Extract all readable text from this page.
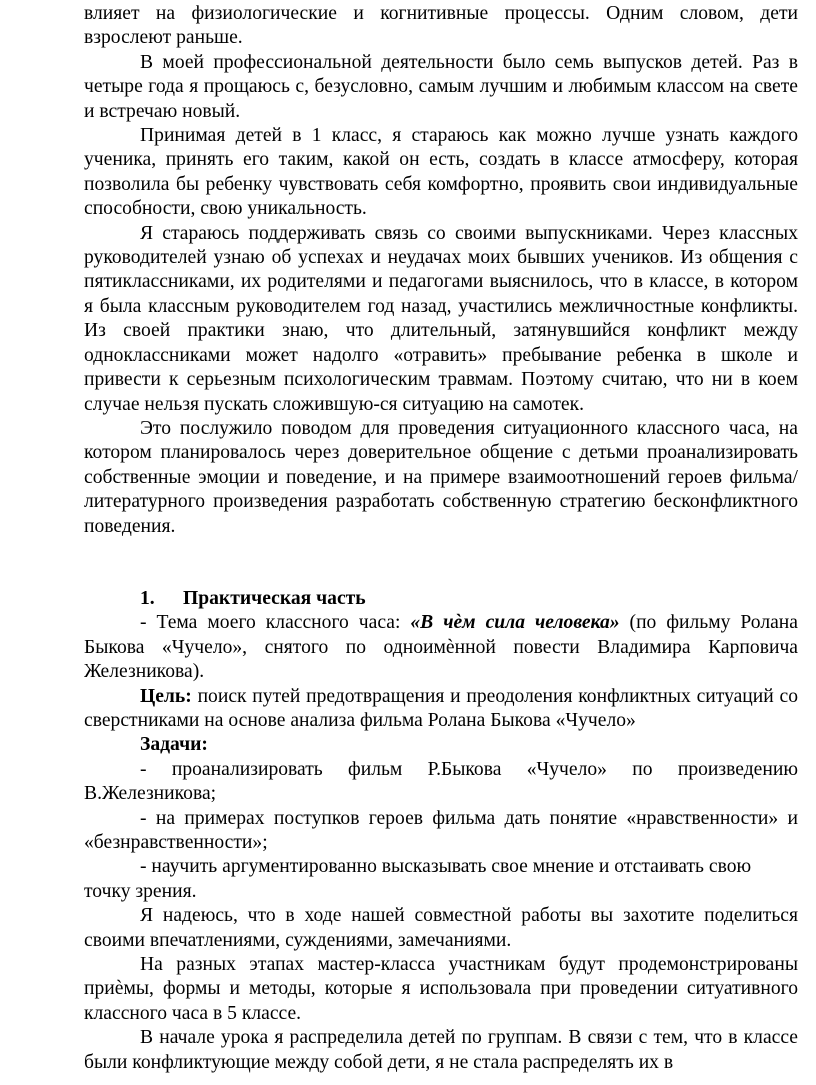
влияет на физиологические и когнитивные процессы. Одним словом, дети взрослеют раньше.

В моей профессиональной деятельности было семь выпусков детей. Раз в четыре года я прощаюсь с, безусловно, самым лучшим и любимым классом на свете и встречаю новый.

Принимая детей в 1 класс, я стараюсь как можно лучше узнать каждого ученика, принять его таким, какой он есть, создать в классе атмосферу, которая позволила бы ребенку чувствовать себя комфортно, проявить свои индивидуальные способности, свою уникальность.

Я стараюсь поддерживать связь со своими выпускниками. Через классных руководителей узнаю об успехах и неудачах моих бывших учеников. Из общения с пятиклассниками, их родителями и педагогами выяснилось, что в классе, в котором я была классным руководителем год назад, участились межличностные конфликты. Из своей практики знаю, что длительный, затянувшийся конфликт между одноклассниками может надолго «отравить» пребывание ребенка в школе и привести к серьезным психологическим травмам. Поэтому считаю, что ни в коем случае нельзя пускать сложившую-ся ситуацию на самотек.

Это послужило поводом для проведения ситуационного классного часа, на котором планировалось через доверительное общение с детьми проанализировать собственные эмоции и поведение, и на примере взаимоотношений героев фильма/литературного произведения разработать собственную стратегию бесконфликтного поведения.

1. Практическая часть

- Тема моего классного часа: «В чѐм сила человека» (по фильму Ролана Быкова «Чучело», снятого по одноимѐнной повести Владимира Карповича Железникова).

Цель: поиск путей предотвращения и преодоления конфликтных ситуаций со сверстниками на основе анализа фильма Ролана Быкова «Чучело»

Задачи:

- проанализировать фильм Р.Быкова «Чучело» по произведению В.Железникова;

- на примерах поступков героев фильма дать понятие «нравственности» и «безнравственности»;

- научить аргументированно высказывать свое мнение и отстаивать свою точку зрения.

Я надеюсь, что в ходе нашей совместной работы вы захотите поделиться своими впечатлениями, суждениями, замечаниями.

На разных этапах мастер-класса участникам будут продемонстрированы приѐмы, формы и методы, которые я использовала при проведении ситуативного классного часа в 5 классе.

В начале урока я распределила детей по группам. В связи с тем, что в классе были конфликтующие между собой дети, я не стала распределять их в
